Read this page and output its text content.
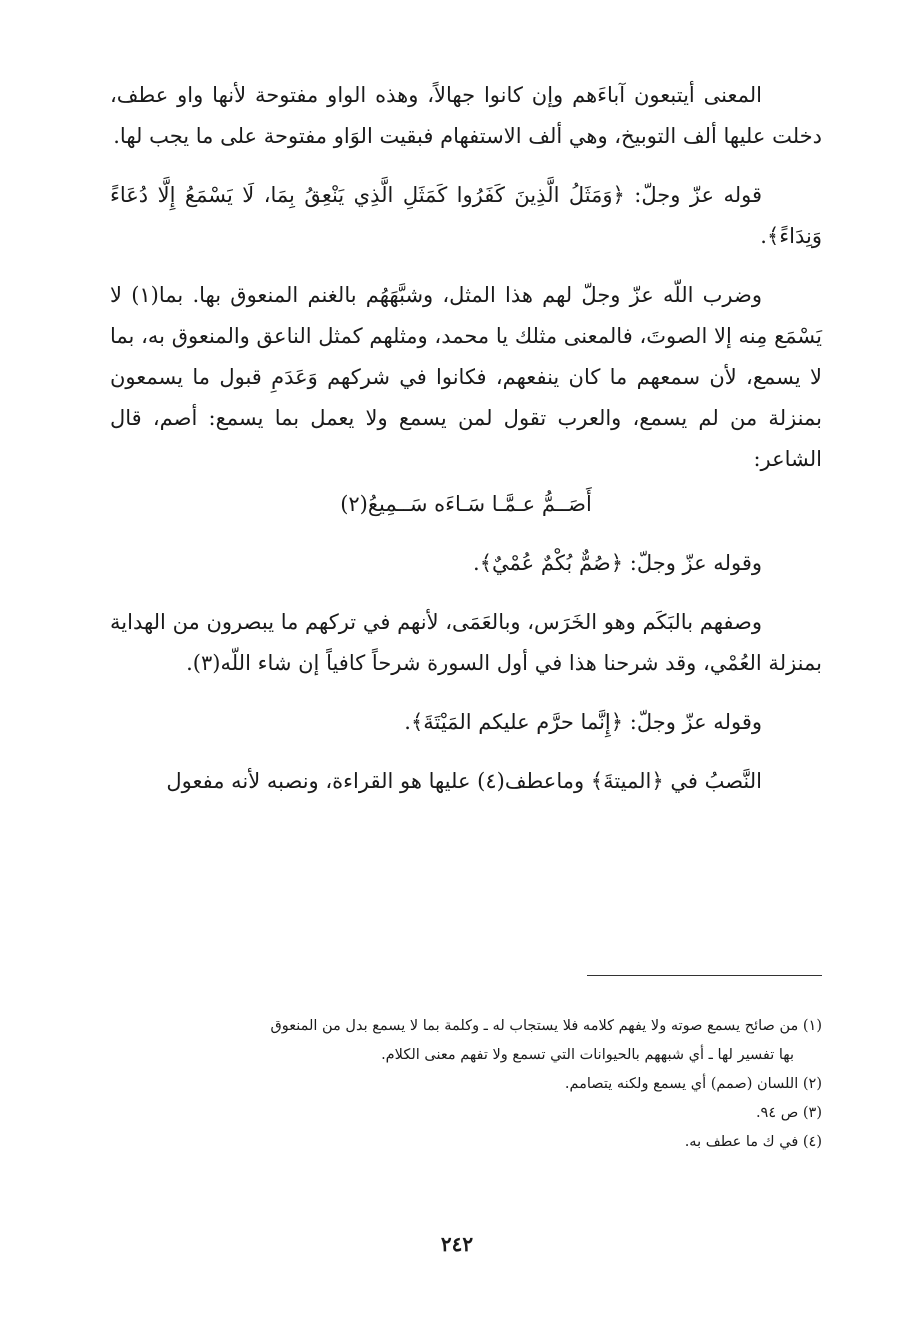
المعنى أيتبعون آباءَهم وإن كانوا جهالاً، وهذه الواو مفتوحة لأنها واو عطف، دخلت عليها ألف التوبيخ، وهي ألف الاستفهام فبقيت الوَاو مفتوحة على ما يجب لها.

قوله عزّ وجلّ: ﴿وَمَثَلُ الَّذِينَ كَفَرُوا كَمَثَلِ الَّذِي يَنْعِقُ بِمَا، لَا يَسْمَعُ إِلَّا دُعَاءً وَنِدَاءً﴾.

وضرب اللّه عزّ وجلّ لهم هذا المثل، وشبَّهَهُم بالغنم المنعوق بها. بما(١) لا يَسْمَع مِنه إلا الصوتَ، فالمعنى مثلك يا محمد، ومثلهم كمثل الناعق والمنعوق به، بما لا يسمع، لأن سمعهم ما كان ينفعهم، فكانوا في شركهم وَعَدَمِ قبول ما يسمعون بمنزلة من لم يسمع، والعرب تقول لمن يسمع ولا يعمل بما يسمع: أصم، قال الشاعر:

أَصَــمُّ عـمَّـا سَـاءَه سَــمِيعُ(٢)

وقوله عزّ وجلّ: ﴿صُمٌّ بُكْمٌ عُمْيٌ﴾.

وصفهم بالبَكَم وهو الخَرَس، وبالعَمَى، لأنهم في تركهم ما يبصرون من الهداية بمنزلة العُمْي، وقد شرحنا هذا في أول السورة شرحاً كافياً إن شاء اللّه(٣).

وقوله عزّ وجلّ: ﴿إِنَّما حرَّم عليكم المَيْتَةَ﴾.

النَّصبُ في ﴿الميتةَ﴾ وماعطف(٤) عليها هو القراءة، ونصبه لأنه مفعول

(١) من صائح يسمع صوته ولا يفهم كلامه فلا يستجاب له ـ وكلمة بما لا يسمع بدل من المنعوق
بها تفسير لها ـ أي شبههم بالحيوانات التي تسمع ولا تفهم معنى الكلام.

(٢) اللسان (صمم) أي يسمع ولكنه يتصامم.

(٣) ص ٩٤.

(٤) في ك ما عطف به.

٢٤٢
